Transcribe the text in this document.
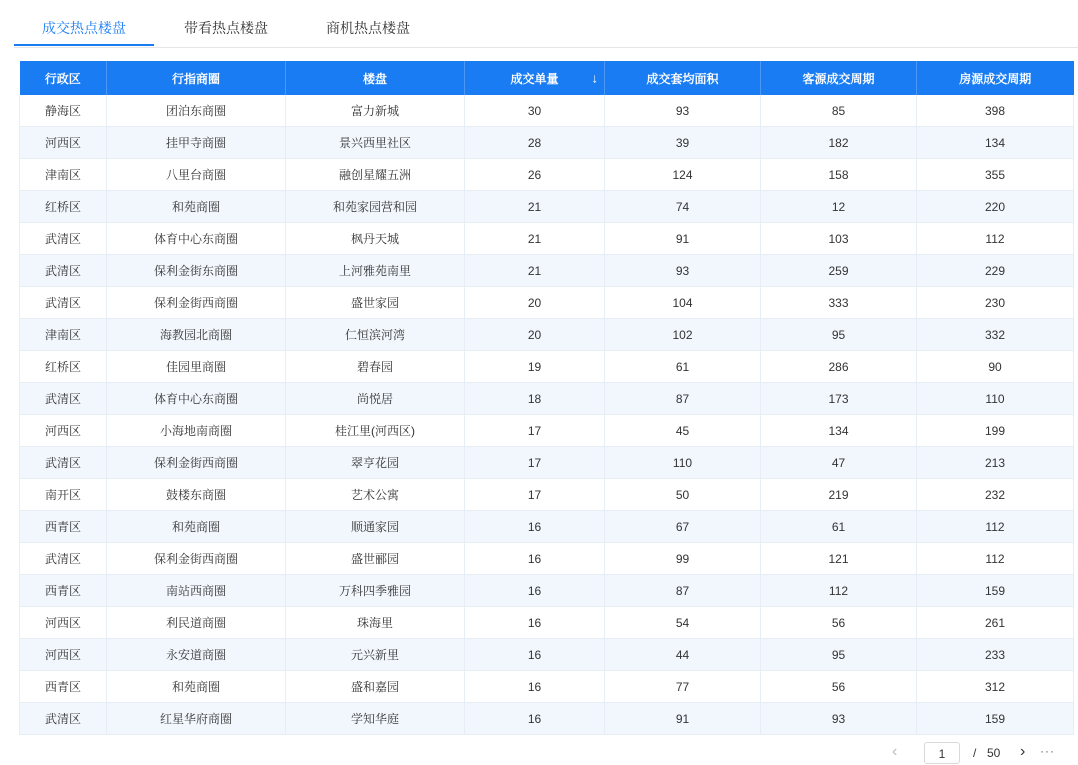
成交热点楼盘	带看热点楼盘	商机热点楼盘
行政区	行指商圈	楼盘	成交单量 ↓	成交套均面积	客源成交周期	房源成交周期
静海区	团泊东商圈	富力新城	30	93	85	398
河西区	挂甲寺商圈	景兴西里社区	28	39	182	134
津南区	八里台商圈	融创星耀五洲	26	124	158	355
红桥区	和苑商圈	和苑家园营和园	21	74	12	220
武清区	体育中心东商圈	枫丹天城	21	91	103	112
武清区	保利金街东商圈	上河雅苑南里	21	93	259	229
武清区	保利金街西商圈	盛世家园	20	104	333	230
津南区	海教园北商圈	仁恒滨河湾	20	102	95	332
红桥区	佳园里商圈	碧春园	19	61	286	90
武清区	体育中心东商圈	尚悦居	18	87	173	110
河西区	小海地南商圈	桂江里(河西区)	17	45	134	199
武清区	保利金街西商圈	翠亨花园	17	110	47	213
南开区	鼓楼东商圈	艺术公寓	17	50	219	232
西青区	和苑商圈	顺通家园	16	67	61	112
武清区	保利金街西商圈	盛世郦园	16	99	121	112
西青区	南站西商圈	万科四季雅园	16	87	112	159
河西区	利民道商圈	珠海里	16	54	56	261
河西区	永安道商圈	元兴新里	16	44	95	233
西青区	和苑商圈	盛和嘉园	16	77	56	312
武清区	红星华府商圈	学知华庭	16	91	93	159
‹	1	/ 50 › ···
